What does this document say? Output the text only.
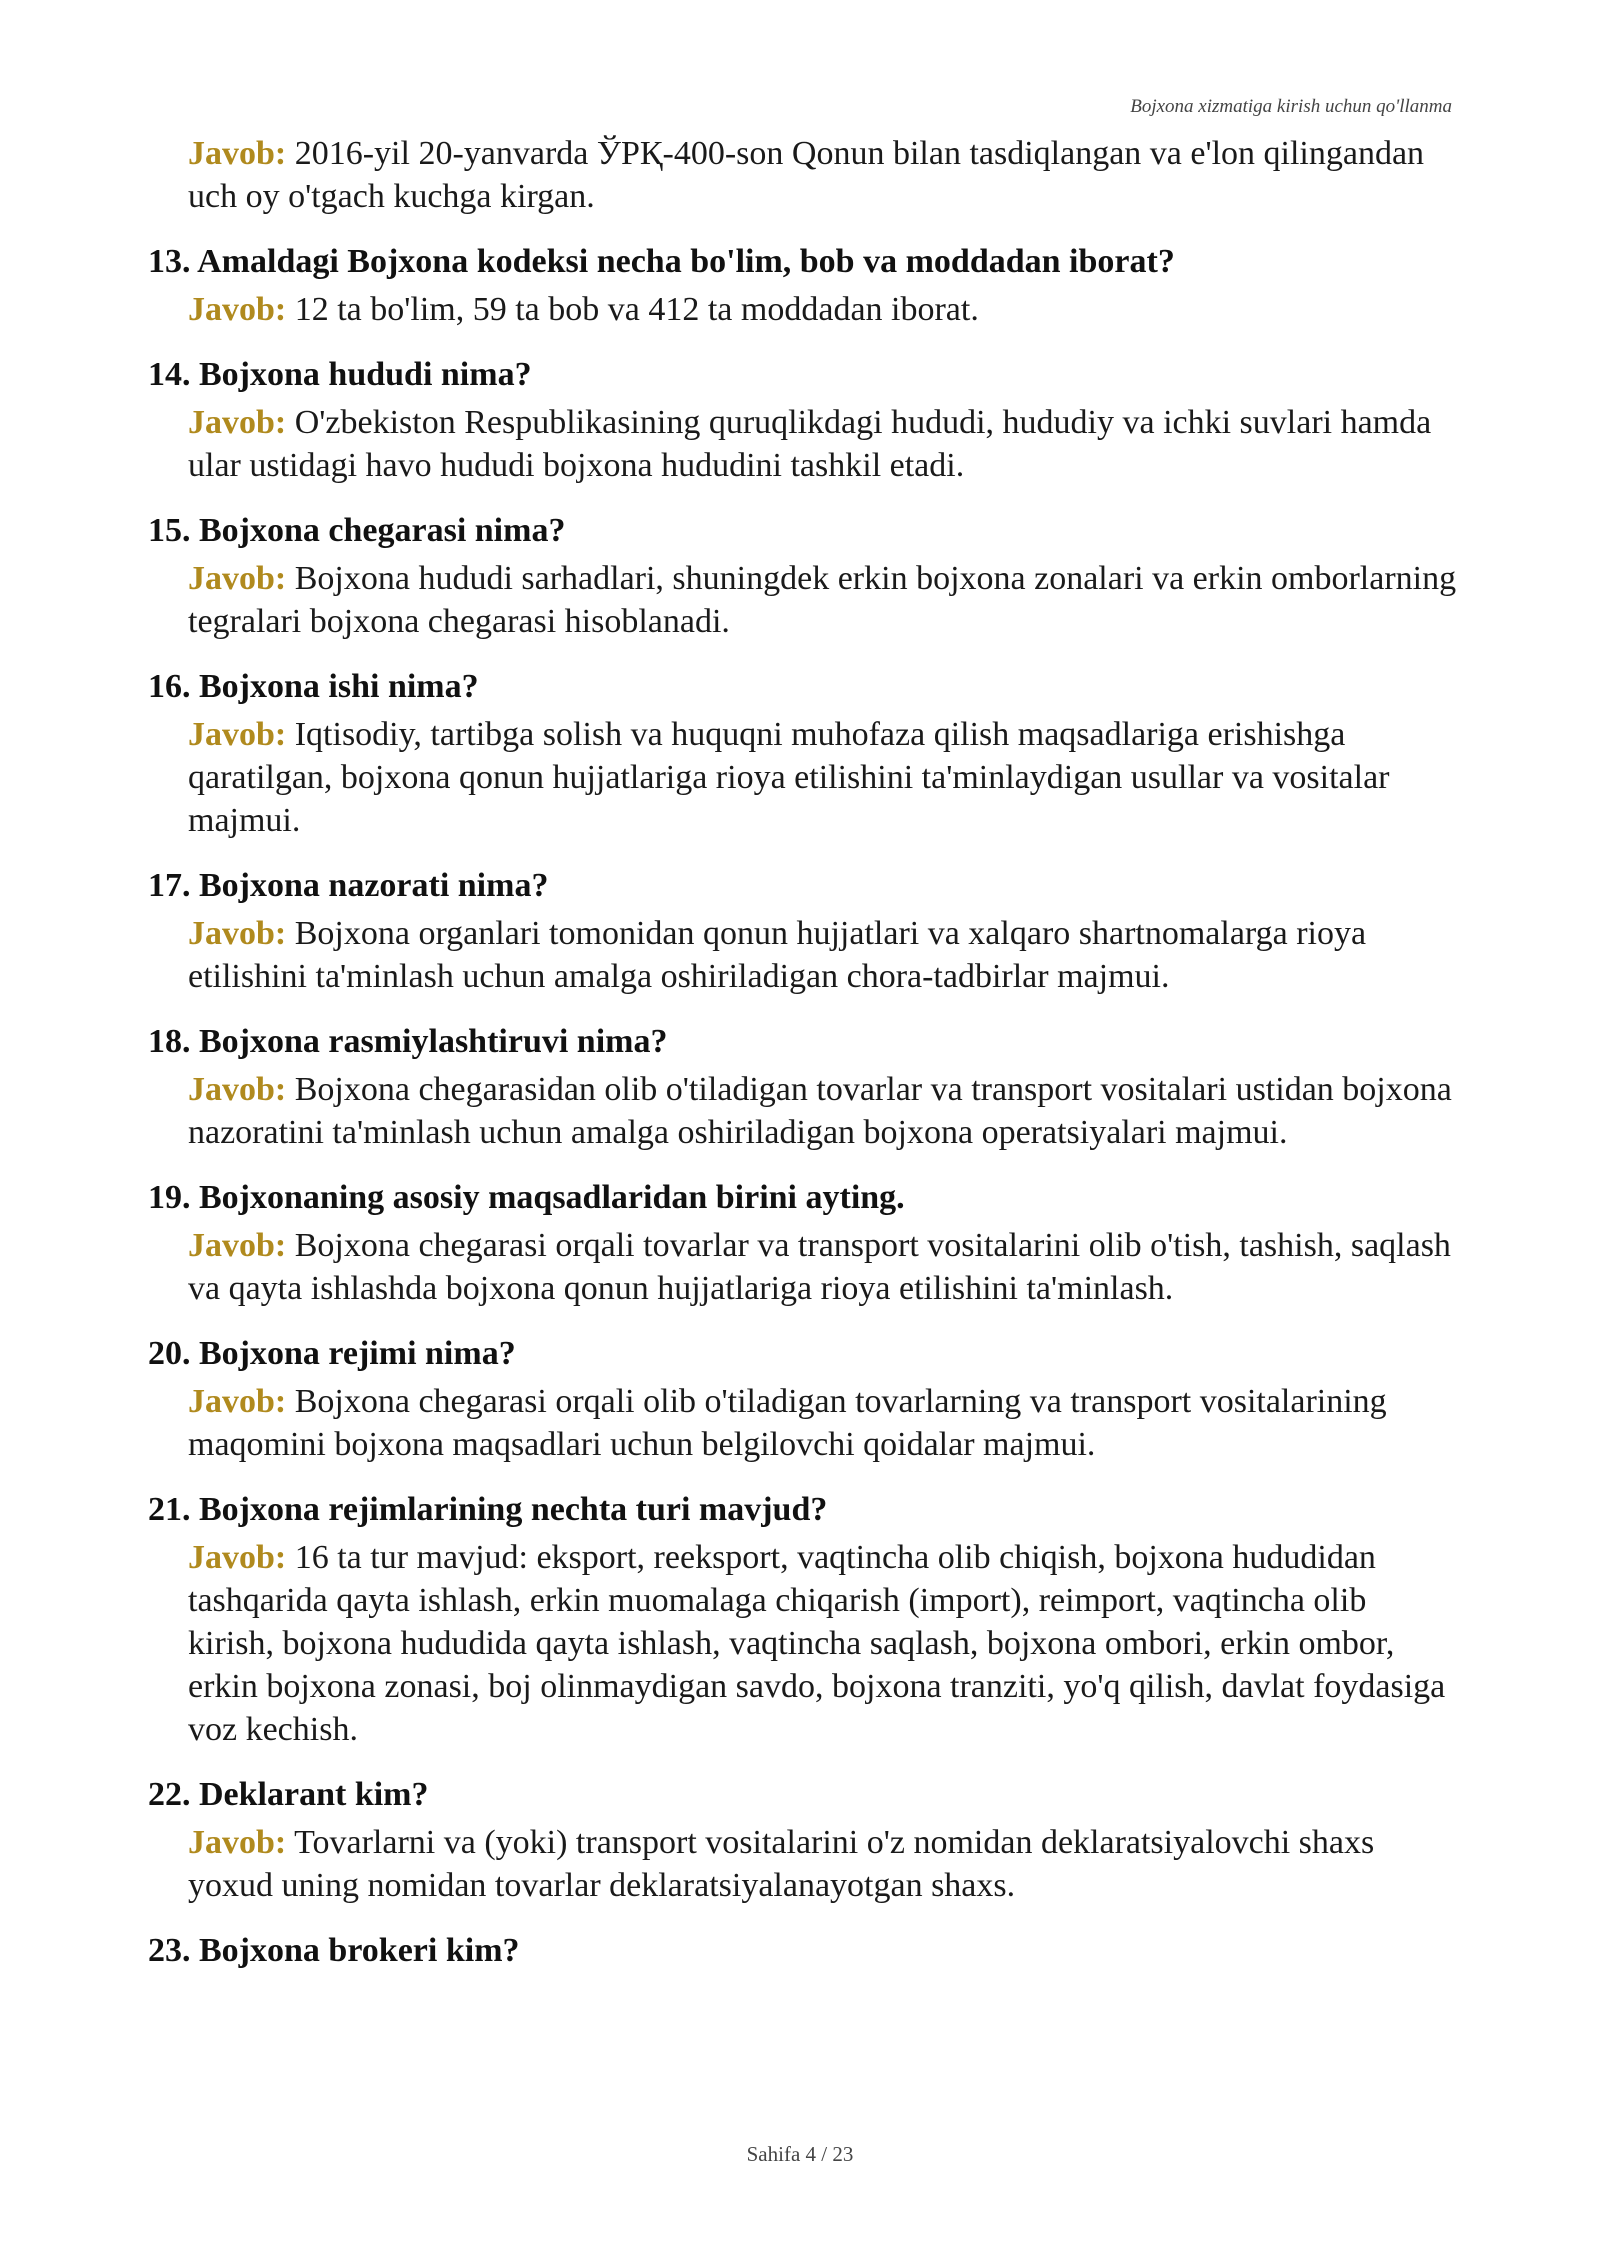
Bojxona xizmatiga kirish uchun qo'llanma

Javob: 2016-yil 20-yanvarda ЎРҚ-400-son Qonun bilan tasdiqlangan va e'lon qilingandan uch oy o'tgach kuchga kirgan.

13. Amaldagi Bojxona kodeksi necha bo'lim, bob va moddadan iborat?

Javob: 12 ta bo'lim, 59 ta bob va 412 ta moddadan iborat.

14. Bojxona hududi nima?

Javob: O'zbekiston Respublikasining quruqlikdagi hududi, hududiy va ichki suvlari hamda ular ustidagi havo hududi bojxona hududini tashkil etadi.

15. Bojxona chegarasi nima?

Javob: Bojxona hududi sarhadlari, shuningdek erkin bojxona zonalari va erkin omborlarning tegralari bojxona chegarasi hisoblanadi.

16. Bojxona ishi nima?

Javob: Iqtisodiy, tartibga solish va huquqni muhofaza qilish maqsadlariga erishishga qaratilgan, bojxona qonun hujjatlariga rioya etilishini ta'minlaydigan usullar va vositalar majmui.

17. Bojxona nazorati nima?

Javob: Bojxona organlari tomonidan qonun hujjatlari va xalqaro shartnomalarga rioya etilishini ta'minlash uchun amalga oshiriladigan chora-tadbirlar majmui.

18. Bojxona rasmiylashtiruvi nima?

Javob: Bojxona chegarasidan olib o'tiladigan tovarlar va transport vositalari ustidan bojxona nazoratini ta'minlash uchun amalga oshiriladigan bojxona operatsiyalari majmui.

19. Bojxonaning asosiy maqsadlaridan birini ayting.

Javob: Bojxona chegarasi orqali tovarlar va transport vositalarini olib o'tish, tashish, saqlash va qayta ishlashda bojxona qonun hujjatlariga rioya etilishini ta'minlash.

20. Bojxona rejimi nima?

Javob: Bojxona chegarasi orqali olib o'tiladigan tovarlarning va transport vositalarining maqomini bojxona maqsadlari uchun belgilovchi qoidalar majmui.

21. Bojxona rejimlarining nechta turi mavjud?

Javob: 16 ta tur mavjud: eksport, reeksport, vaqtincha olib chiqish, bojxona hududidan tashqarida qayta ishlash, erkin muomalaga chiqarish (import), reimport, vaqtincha olib kirish, bojxona hududida qayta ishlash, vaqtincha saqlash, bojxona ombori, erkin ombor, erkin bojxona zonasi, boj olinmaydigan savdo, bojxona tranziti, yo'q qilish, davlat foydasiga voz kechish.

22. Deklarant kim?

Javob: Tovarlarni va (yoki) transport vositalarini o'z nomidan deklaratsiyalovchi shaxs yoxud uning nomidan tovarlar deklaratsiyalanayotgan shaxs.

23. Bojxona brokeri kim?

Sahifa 4 / 23
